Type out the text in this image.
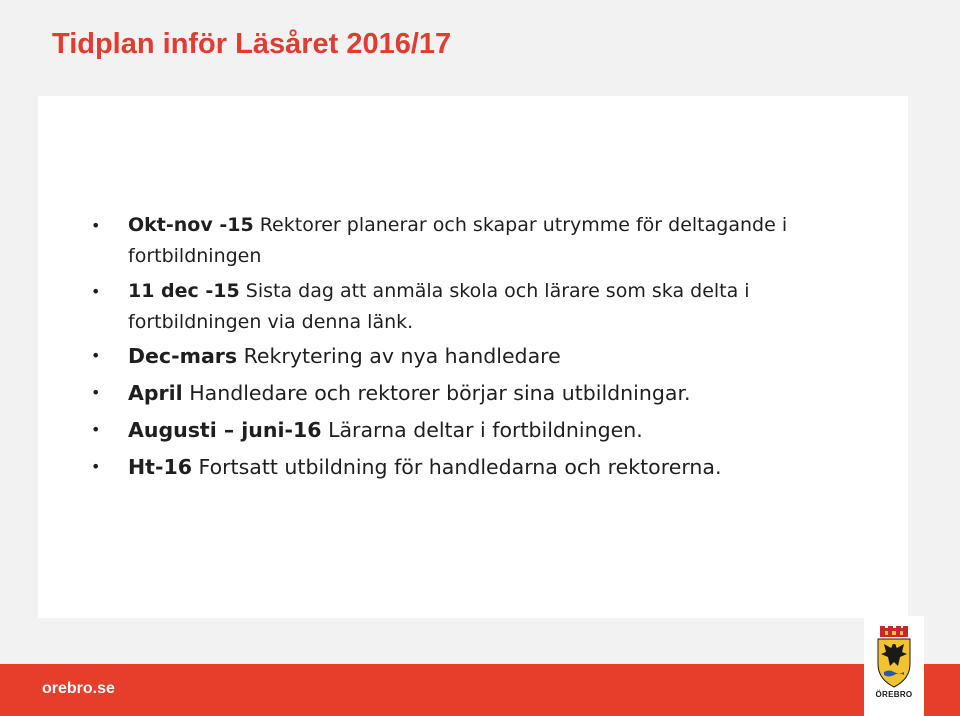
Tidplan inför Läsåret 2016/17
• Okt-nov -15 Rektorer planerar och skapar utrymme för deltagande i fortbildningen
• 11 dec -15 Sista dag att anmäla skola och lärare som ska delta i fortbildningen via denna länk.
• Dec-mars Rekrytering av nya handledare
• April Handledare och rektorer börjar sina utbildningar.
• Augusti – juni-16 Lärarna deltar i fortbildningen.
• Ht-16 Fortsatt utbildning för handledarna och rektorerna.
orebro.se	ÖREBRO
